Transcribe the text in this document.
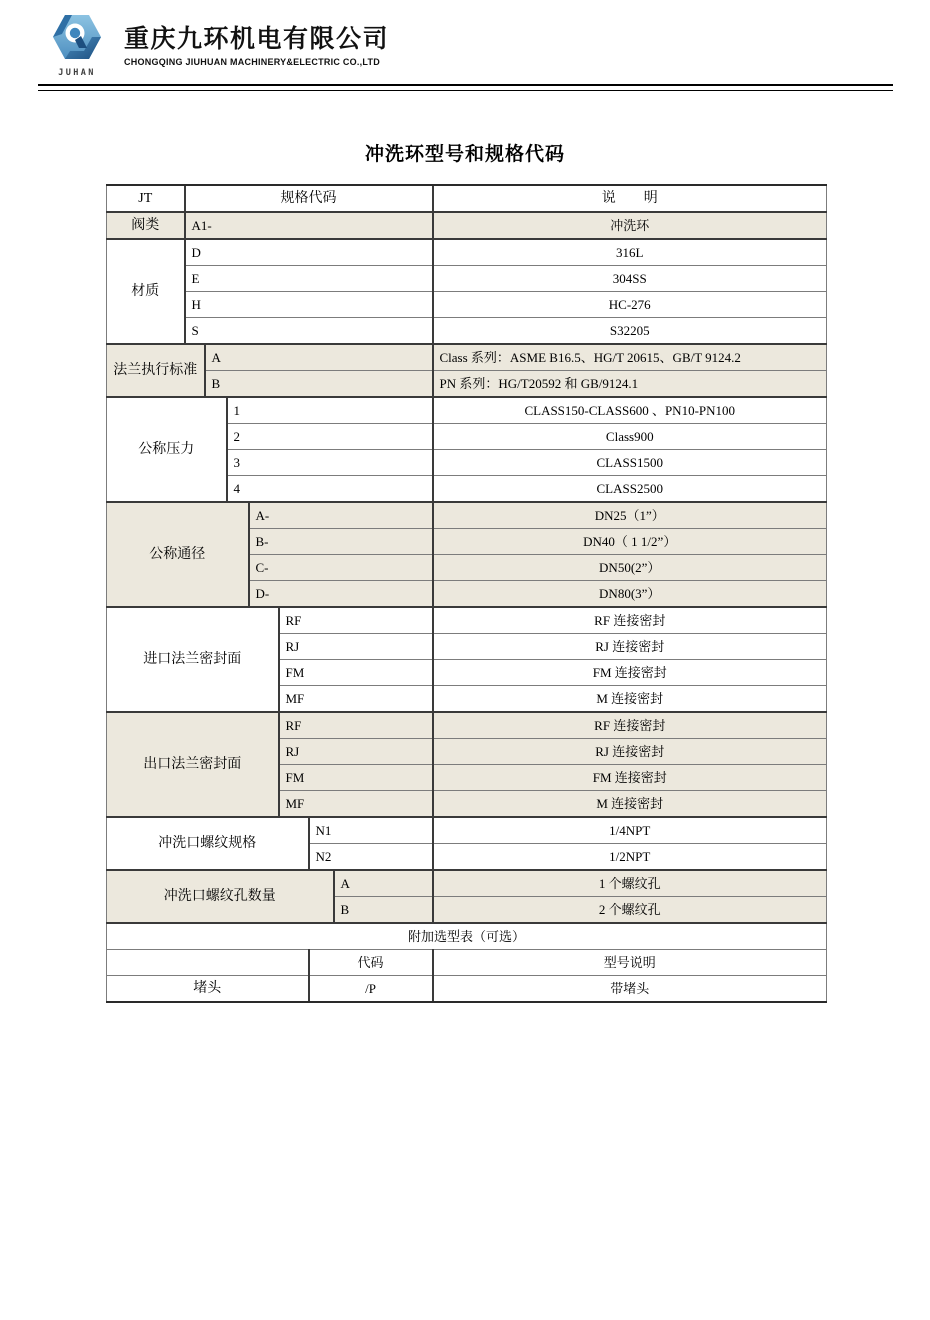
JUHAN
重庆九环机电有限公司
CHONGQING JIUHUAN MACHINERY&ELECTRIC CO.,LTD
冲洗环型号和规格代码
JT	规格代码							说　　明
阀类	A1-							冲洗环
材质	D							316L
	E							304SS
	H							HC-276
	S							S32205
法兰执行标准		A						Class 系列：ASME B16.5、HG/T 20615、GB/T 9124.2
		B						PN 系列：HG/T20592 和 GB/9124.1
公称压力			1					CLASS150-CLASS600 、PN10-PN100
			2					Class900
			3					CLASS1500
			4					CLASS2500
公称通径				A-				DN25（1”）
				B-				DN40（ 1 1/2”）
				C-				DN50(2”）
				D-				DN80(3”）
进口法兰密封面					RF			RF 连接密封
					RJ			RJ 连接密封
					FM			FM 连接密封
					MF			M 连接密封
出口法兰密封面					RF			RF 连接密封
					RJ			RJ 连接密封
					FM			FM 连接密封
					MF			M 连接密封
冲洗口螺纹规格						N1		1/4NPT
						N2		1/2NPT
冲洗口螺纹孔数量							A	1 个螺纹孔
							B	2 个螺纹孔
附加选型表（可选）								
						代码		型号说明
堵头						/P		带堵头
